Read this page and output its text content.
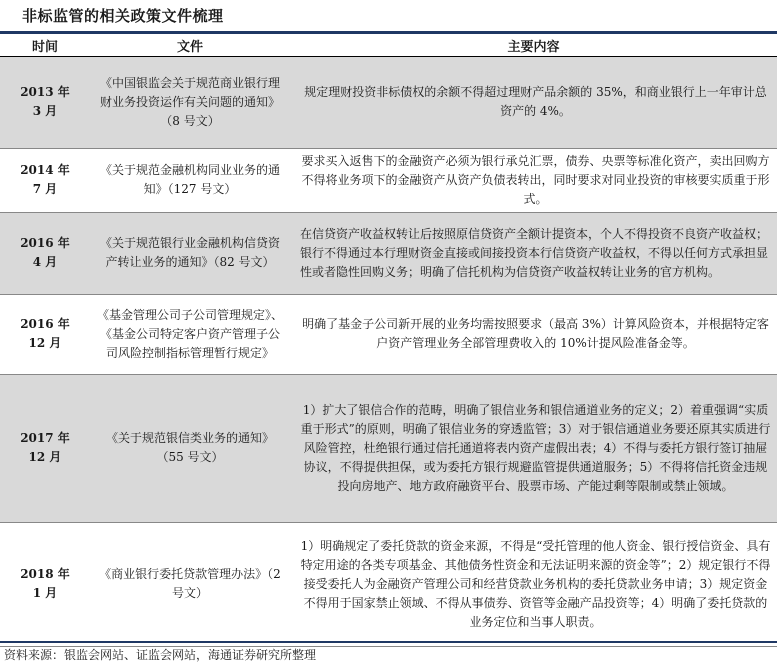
非标监管的相关政策文件梳理
时间	文件	主要内容

2013 年
3 月	《中国银监会关于规范商业银行理财业务投资运作有关问题的通知》（8 号文）	规定理财投资非标债权的余额不得超过理财产品余额的 35%，和商业银行上一年审计总资产的 4%。

2014 年
7 月	《关于规范金融机构同业业务的通知》（127 号文）	要求买入返售下的金融资产必须为银行承兑汇票，债券、央票等标准化资产，卖出回购方不得将业务项下的金融资产从资产负债表转出，同时要求对同业投资的审核要实质重于形式。

2016 年
4 月	《关于规范银行业金融机构信贷资产转让业务的通知》（82 号文）	在信贷资产收益权转让后按照原信贷资产全额计提资本，个人不得投资不良资产收益权；银行不得通过本行理财资金直接或间接投资本行信贷资产收益权，不得以任何方式承担显性或者隐性回购义务；明确了信托机构为信贷资产收益权转让业务的官方机构。

2016 年
12 月	《基金管理公司子公司管理规定》、《基金公司特定客户资产管理子公司风险控制指标管理暂行规定》	明确了基金子公司新开展的业务均需按照要求（最高 3%）计算风险资本，并根据特定客户资产管理业务全部管理费收入的 10%计提风险准备金等。

2017 年
12 月	《关于规范银信类业务的通知》（55 号文）	1）扩大了银信合作的范畴，明确了银信业务和银信通道业务的定义；2）着重强调“实质重于形式”的原则，明确了银信业务的穿透监管；3）对于银信通道业务要还原其实质进行风险管控，杜绝银行通过信托通道将表内资产虚假出表；4）不得与委托方银行签订抽屉协议，不得提供担保，或为委托方银行规避监管提供通道服务；5）不得将信托资金违规投向房地产、地方政府融资平台、股票市场、产能过剩等限制或禁止领域。

2018 年
1 月	《商业银行委托贷款管理办法》（2 号文）	1）明确规定了委托贷款的资金来源，不得是“受托管理的他人资金、银行授信资金、具有特定用途的各类专项基金、其他债务性资金和无法证明来源的资金等”；2）规定银行不得接受委托人为金融资产管理公司和经营贷款业务机构的委托贷款业务申请；3）规定资金不得用于国家禁止领域、不得从事债券、资管等金融产品投资等；4）明确了委托贷款的业务定位和当事人职责。
资料来源：银监会网站、证监会网站，海通证券研究所整理
